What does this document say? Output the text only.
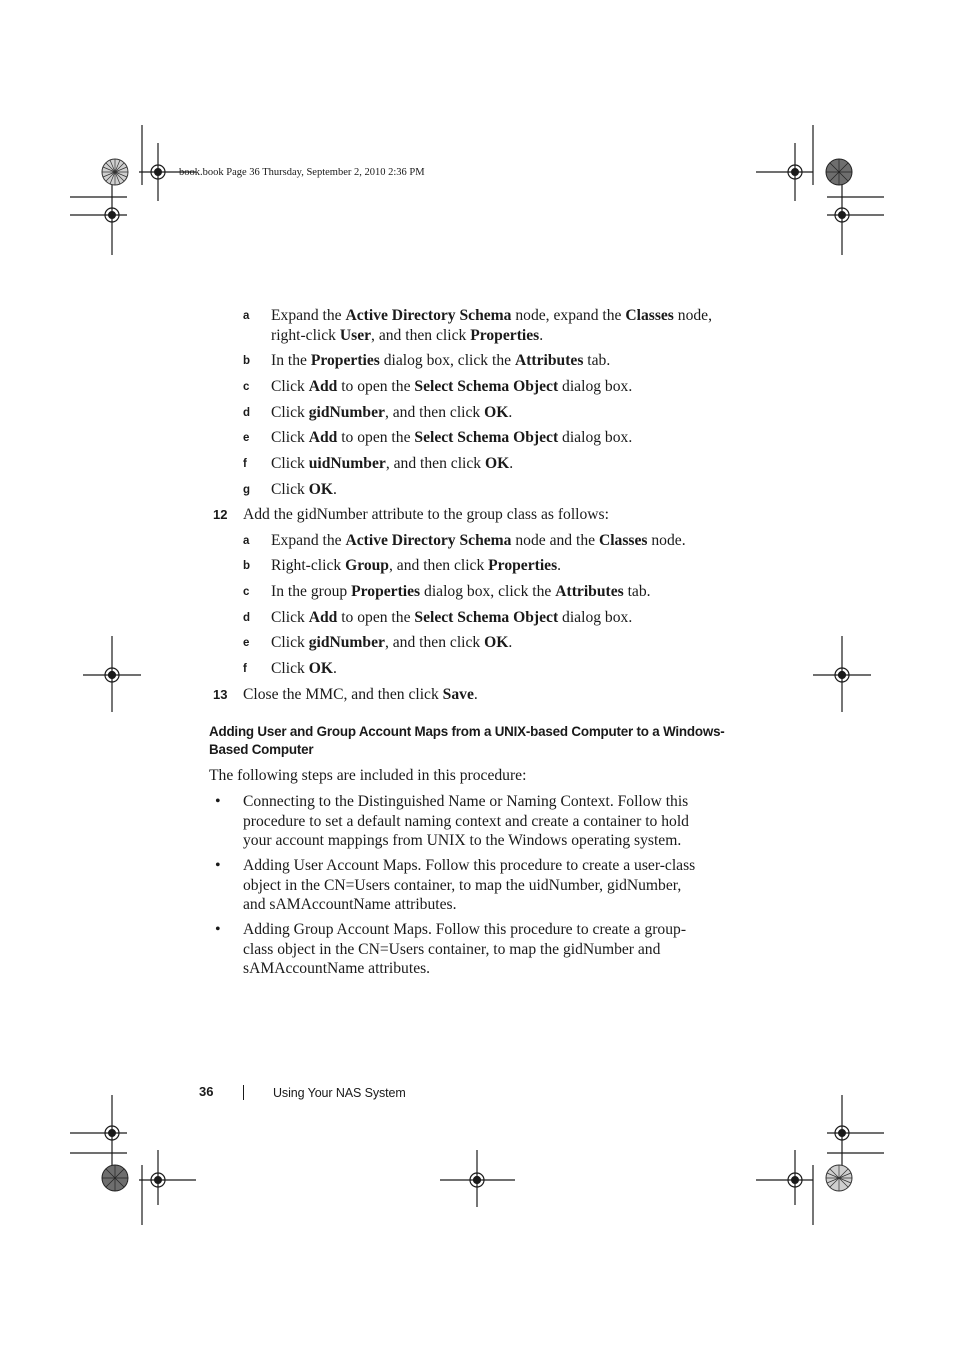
book.book Page 36 Thursday, September 2, 2010 2:36 PM
a Expand the Active Directory Schema node, expand the Classes node,
right-click User, and then click Properties.
b In the Properties dialog box, click the Attributes tab.
c Click Add to open the Select Schema Object dialog box.
d Click gidNumber, and then click OK.
e Click Add to open the Select Schema Object dialog box.
f Click uidNumber, and then click OK.
g Click OK.
12 Add the gidNumber attribute to the group class as follows:
a Expand the Active Directory Schema node and the Classes node.
b Right-click Group, and then click Properties.
c In the group Properties dialog box, click the Attributes tab.
d Click Add to open the Select Schema Object dialog box.
e Click gidNumber, and then click OK.
f Click OK.
13 Close the MMC, and then click Save.
Adding User and Group Account Maps from a UNIX-based Computer to a Windows-
Based Computer
The following steps are included in this procedure:
• Connecting to the Distinguished Name or Naming Context. Follow this
procedure to set a default naming context and create a container to hold
your account mappings from UNIX to the Windows operating system.
• Adding User Account Maps. Follow this procedure to create a user-class
object in the CN=Users container, to map the uidNumber, gidNumber,
and sAMAccountName attributes.
• Adding Group Account Maps. Follow this procedure to create a group-
class object in the CN=Users container, to map the gidNumber and
sAMAccountName attributes.
36	Using Your NAS System
